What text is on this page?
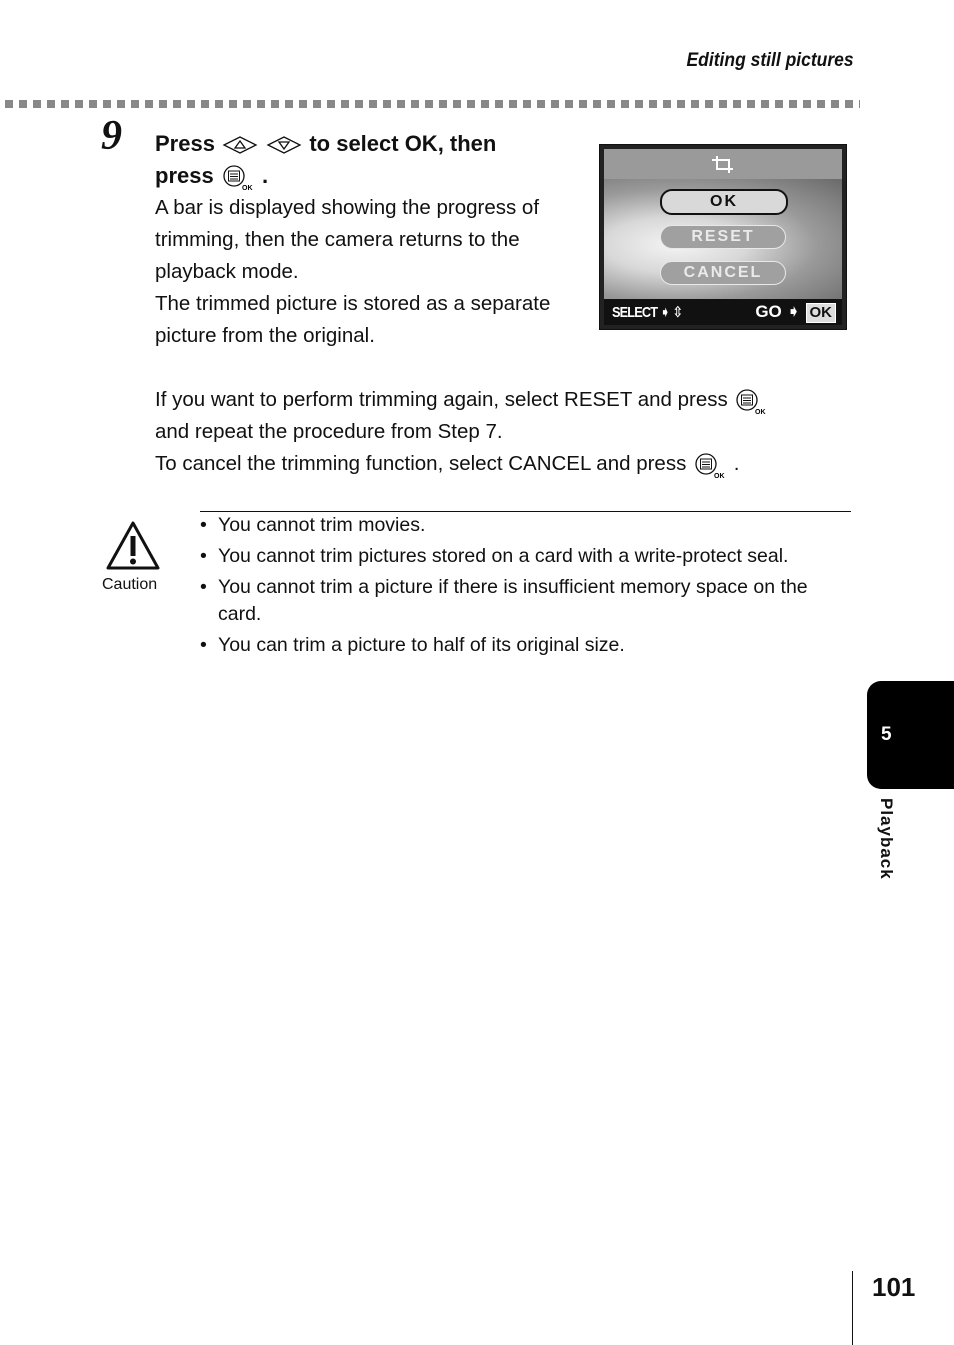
Editing still pictures
9 Press	to select OK, then
press
OK
.

A bar is displayed showing the progress of trimming, then the camera returns to the playback mode.

The trimmed picture is stored as a separate picture from the original.

OK
RESET
CANCEL
SELECT ➧ ⇳	GO ➧ OK
If you want to perform trimming again, select RESET and press
OK

and repeat the procedure from Step 7.
To cancel the trimming function, select CANCEL and press
OK
.
Caution
• You cannot trim movies.
• You cannot trim pictures stored on a card with a write-protect seal.
• You cannot trim a picture if there is insufficient memory space on the card.
• You can trim a picture to half of its original size.
5
Playback
101
